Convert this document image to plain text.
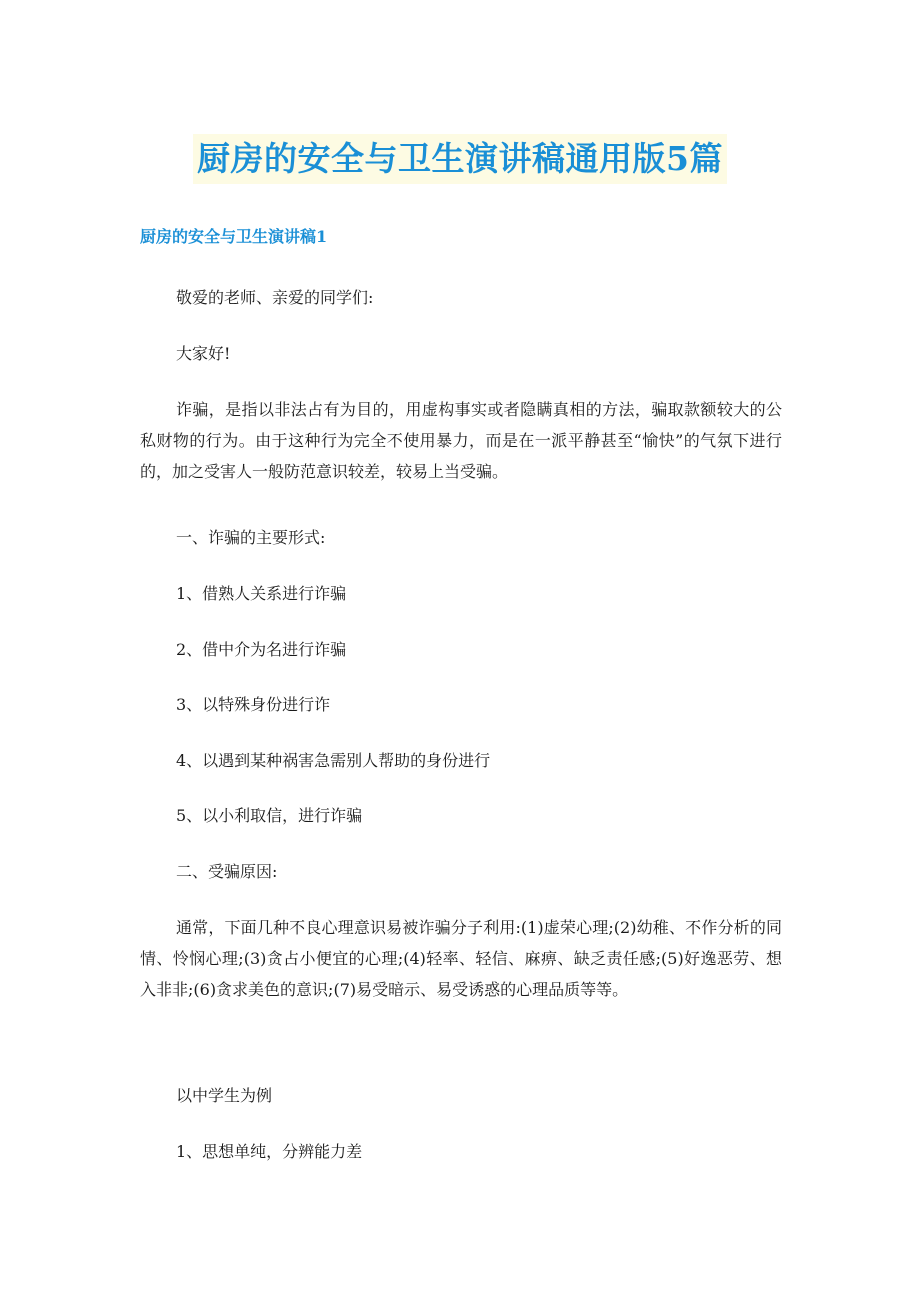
厨房的安全与卫生演讲稿通用版5篇
厨房的安全与卫生演讲稿1

敬爱的老师、亲爱的同学们:

大家好!

诈骗，是指以非法占有为目的，用虚构事实或者隐瞒真相的方法，骗取款额较大的公私财物的行为。由于这种行为完全不使用暴力，而是在一派平静甚至“愉快”的气氛下进行的，加之受害人一般防范意识较差，较易上当受骗。

一、诈骗的主要形式:

1、借熟人关系进行诈骗

2、借中介为名进行诈骗

3、以特殊身份进行诈

4、以遇到某种祸害急需别人帮助的身份进行

5、以小利取信，进行诈骗

二、受骗原因:

通常，下面几种不良心理意识易被诈骗分子利用:(1)虚荣心理;(2)幼稚、不作分析的同情、怜悯心理;(3)贪占小便宜的心理;(4)轻率、轻信、麻痹、缺乏责任感;(5)好逸恶劳、想入非非;(6)贪求美色的意识;(7)易受暗示、易受诱惑的心理品质等等。

以中学生为例

1、思想单纯，分辨能力差
